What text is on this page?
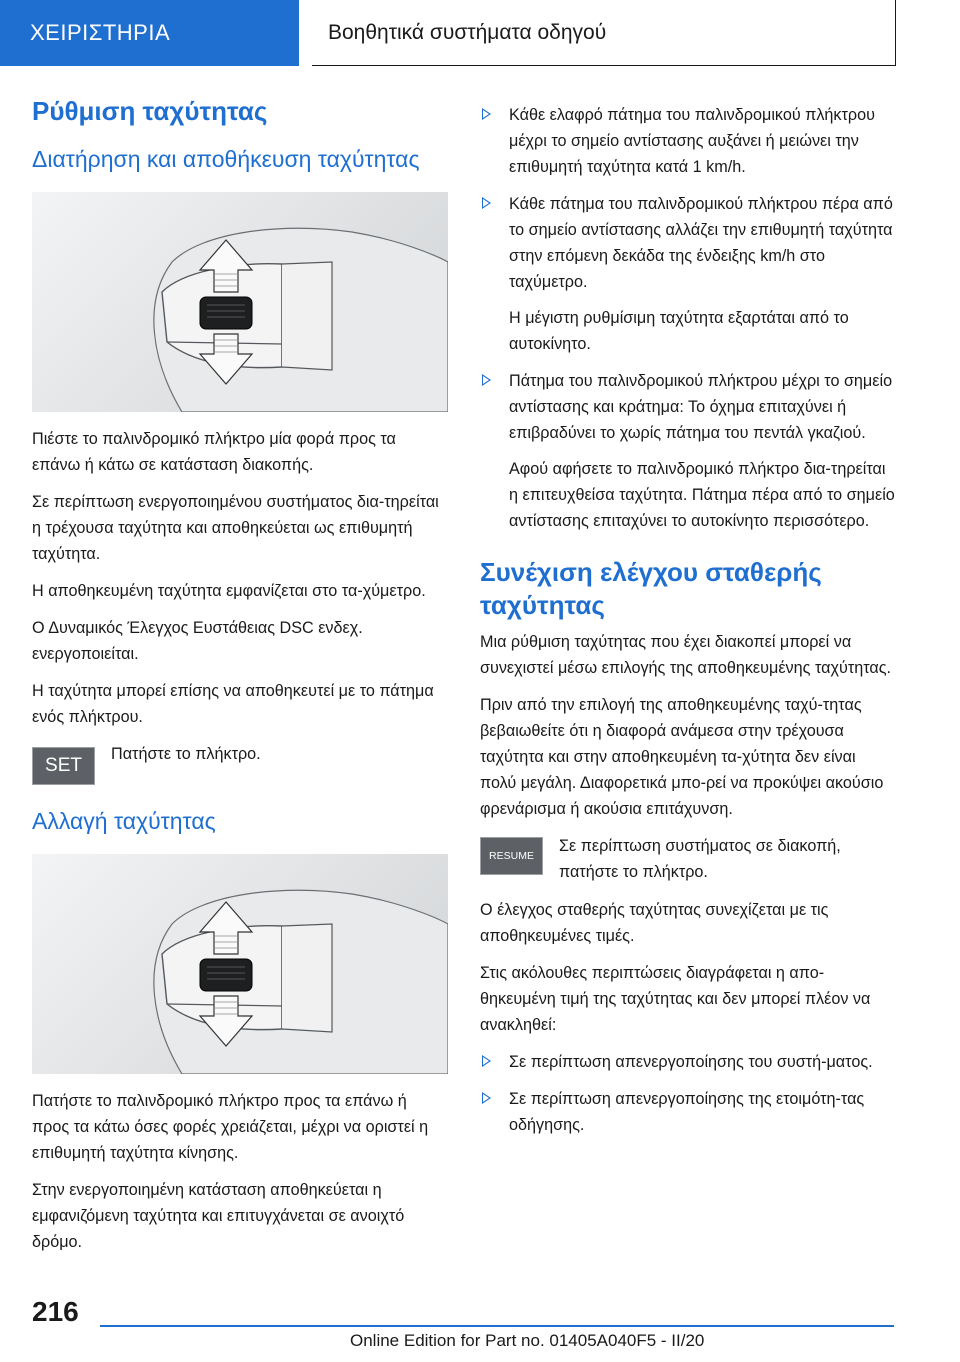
ΧΕΙΡΙΣΤΗΡΙΑ	Βοηθητικά συστήματα οδηγού
Ρύθμιση ταχύτητας
Διατήρηση και αποθήκευση ταχύτητας

Πιέστε το παλινδρομικό πλήκτρο μία φορά προς τα επάνω ή κάτω σε κατάσταση διακοπής.

Σε περίπτωση ενεργοποιημένου συστήματος δια-τηρείται η τρέχουσα ταχύτητα και αποθηκεύεται ως επιθυμητή ταχύτητα.

Η αποθηκευμένη ταχύτητα εμφανίζεται στο τα-χύμετρο.

Ο Δυναμικός Έλεγχος Ευστάθειας DSC ενδεχ. ενεργοποιείται.

Η ταχύτητα μπορεί επίσης να αποθηκευτεί με το πάτημα ενός πλήκτρου.

SET

Πατήστε το πλήκτρο.

Αλλαγή ταχύτητας

Πατήστε το παλινδρομικό πλήκτρο προς τα επάνω ή προς τα κάτω όσες φορές χρειάζεται, μέχρι να οριστεί η επιθυμητή ταχύτητα κίνησης.

Στην ενεργοποιημένη κατάσταση αποθηκεύεται η εμφανιζόμενη ταχύτητα και επιτυγχάνεται σε ανοιχτό δρόμο.

Κάθε ελαφρό πάτημα του παλινδρομικού πλήκτρου μέχρι το σημείο αντίστασης αυξάνει ή μειώνει την επιθυμητή ταχύτητα κατά 1 km/h.

Κάθε πάτημα του παλινδρομικού πλήκτρου πέρα από το σημείο αντίστασης αλλάζει την επιθυμητή ταχύτητα στην επόμενη δεκάδα της ένδειξης km/h στο ταχύμετρο.

Η μέγιστη ρυθμίσιμη ταχύτητα εξαρτάται από το αυτοκίνητο.

Πάτημα του παλινδρομικού πλήκτρου μέχρι το σημείο αντίστασης και κράτημα: Το όχημα επιταχύνει ή επιβραδύνει το χωρίς πάτημα του πεντάλ γκαζιού.

Αφού αφήσετε το παλινδρομικό πλήκτρο δια-τηρείται η επιτευχθείσα ταχύτητα. Πάτημα πέρα από το σημείο αντίστασης επιταχύνει το αυτοκίνητο περισσότερο.

Συνέχιση ελέγχου σταθερής ταχύτητας

Μια ρύθμιση ταχύτητας που έχει διακοπεί μπορεί να συνεχιστεί μέσω επιλογής της αποθηκευμένης ταχύτητας.

Πριν από την επιλογή της αποθηκευμένης ταχύ-τητας βεβαιωθείτε ότι η διαφορά ανάμεσα στην τρέχουσα ταχύτητα και στην αποθηκευμένη τα-χύτητα δεν είναι πολύ μεγάλη. Διαφορετικά μπο-ρεί να προκύψει ακούσιο φρενάρισμα ή ακούσια επιτάχυνση.

RESUME

Σε περίπτωση συστήματος σε διακοπή, πατήστε το πλήκτρο.

Ο έλεγχος σταθερής ταχύτητας συνεχίζεται με τις αποθηκευμένες τιμές.

Στις ακόλουθες περιπτώσεις διαγράφεται η απο-θηκευμένη τιμή της ταχύτητας και δεν μπορεί πλέον να ανακληθεί:

Σε περίπτωση απενεργοποίησης του συστή-ματος.

Σε περίπτωση απενεργοποίησης της ετοιμότη-τας οδήγησης.

216
Online Edition for Part no. 01405A040F5 - II/20
